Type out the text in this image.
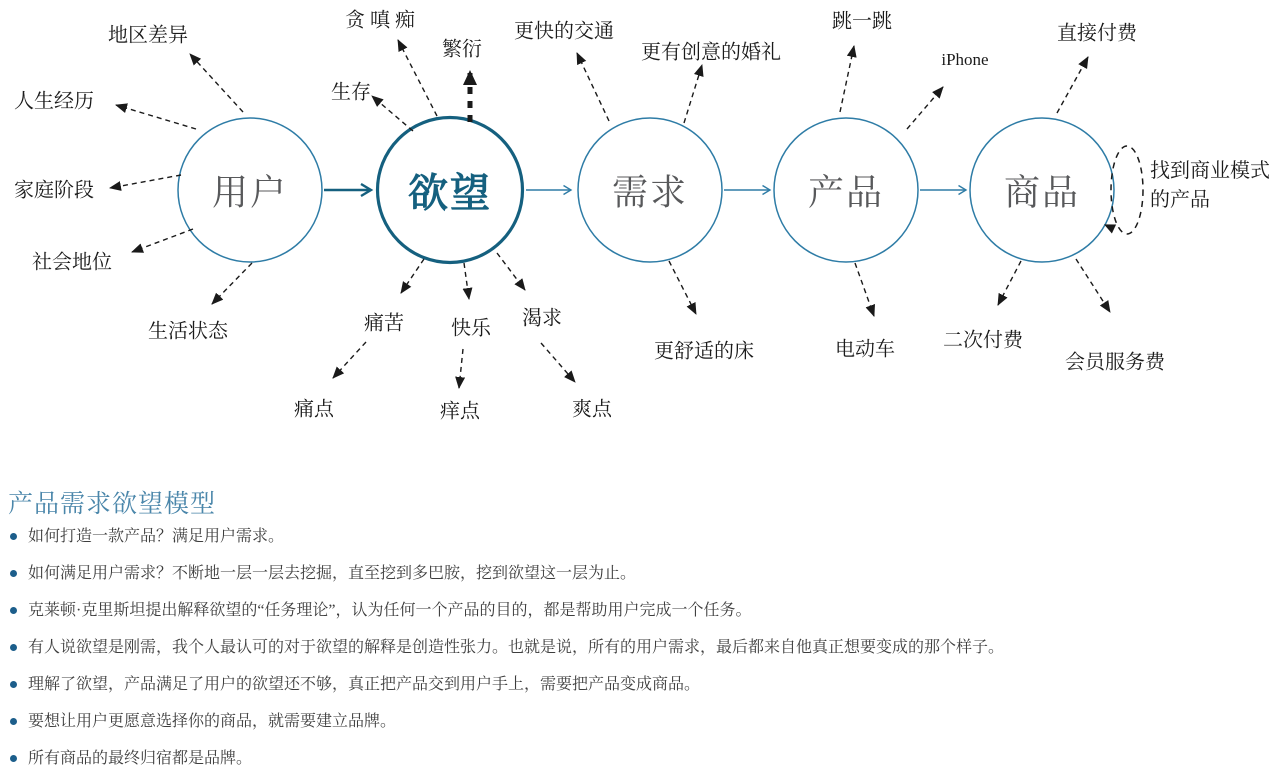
用户	欲望	需求	产品	商品
地区差异
人生经历
家庭阶段
社会地位
生活状态
贪 嗔 痴
生存
繁衍
痛苦 快乐 渴求
痛点	痒点	爽点
更快的交通
更有创意的婚礼
更舒适的床
跳一跳
iPhone
电动车
直接付费
二次付费
会员服务费
找到商业模式
的产品
产品需求欲望模型
如何打造一款产品？满足用户需求。
如何满足用户需求？不断地一层一层去挖掘，直至挖到多巴胺，挖到欲望这一层为止。
克莱顿·克里斯坦提出解释欲望的“任务理论”，认为任何一个产品的目的，都是帮助用户完成一个任务。
有人说欲望是刚需，我个人最认可的对于欲望的解释是创造性张力。也就是说，所有的用户需求，最后都来自他真正想要变成的那个样子。
理解了欲望，产品满足了用户的欲望还不够，真正把产品交到用户手上，需要把产品变成商品。
要想让用户更愿意选择你的商品，就需要建立品牌。
所有商品的最终归宿都是品牌。
